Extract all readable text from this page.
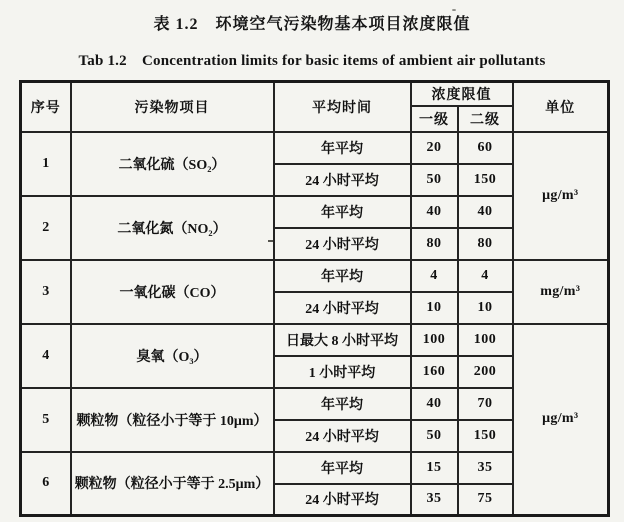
表 1.2　环境空气污染物基本项目浓度限值
Tab 1.2　Concentration limits for basic items of ambient air pollutants
序号	污染物项目	平均时间	浓度限值		单位
			一级	二级	
1	二氧化硫（SO₂）	年平均	20	60	μg/m³
		24 小时平均	50	150	
2	二氧化氮（NO₂）	年平均	40	40	
		24 小时平均	80	80	
3	一氧化碳（CO）	年平均	4	4	mg/m³
		24 小时平均	10	10	
4	臭氧（O₃）	日最大 8 小时平均	100	100	μg/m³
		1 小时平均	160	200	
5	颗粒物（粒径小于等于 10μm）	年平均	40	70	
		24 小时平均	50	150	
6	颗粒物（粒径小于等于 2.5μm）	年平均	15	35	
		24 小时平均	35	75	
